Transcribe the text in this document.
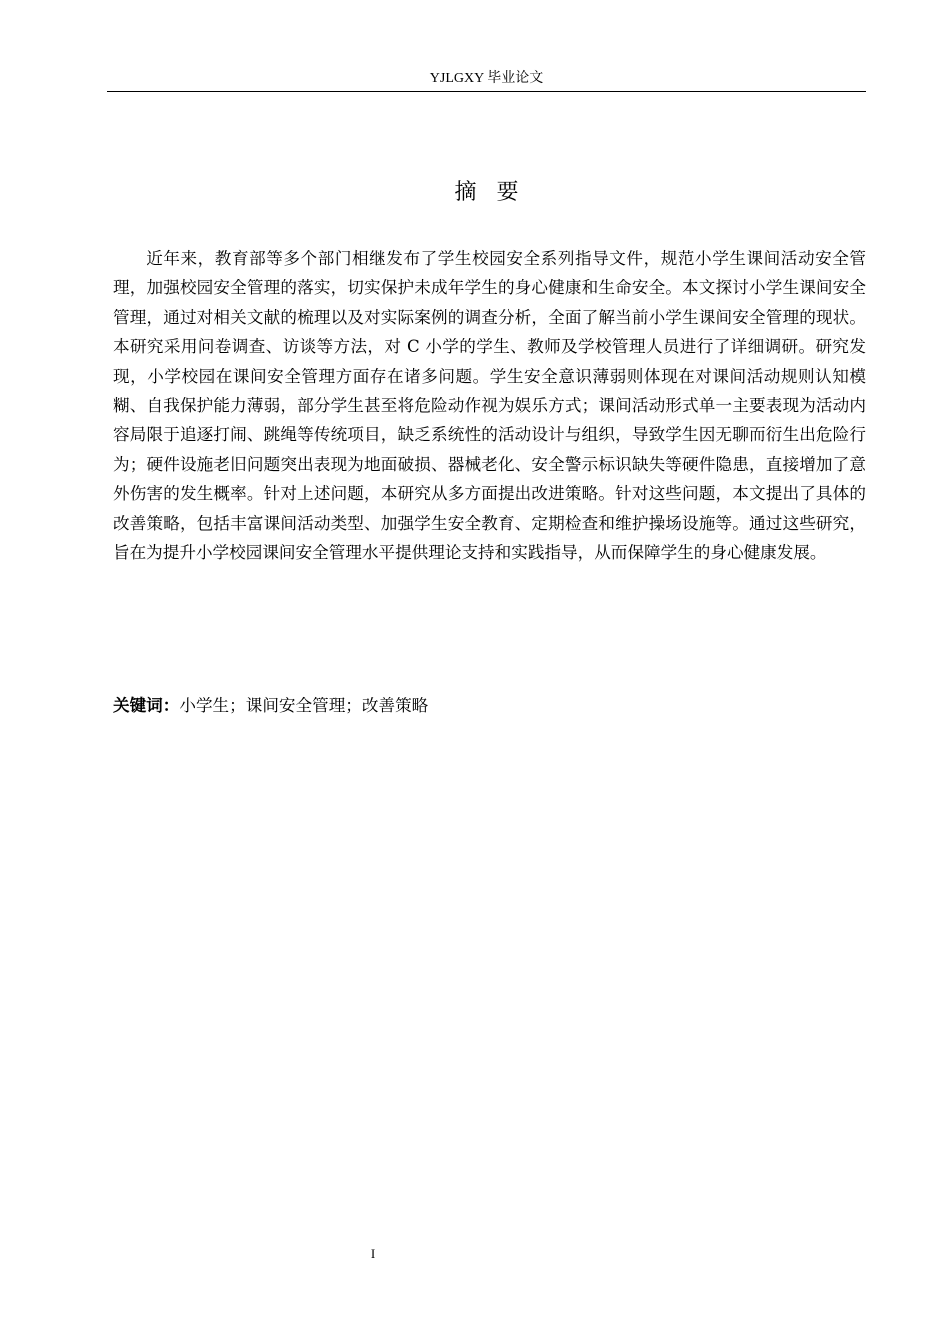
YJLGXY 毕业论文
摘要

近年来，教育部等多个部门相继发布了学生校园安全系列指导文件，规范小学生课间活动安全管理，加强校园安全管理的落实，切实保护未成年学生的身心健康和生命安全。本文探讨小学生课间安全管理，通过对相关文献的梳理以及对实际案例的调查分析，全面了解当前小学生课间安全管理的现状。本研究采用问卷调查、访谈等方法，对 C 小学的学生、教师及学校管理人员进行了详细调研。研究发现，小学校园在课间安全管理方面存在诸多问题。学生安全意识薄弱则体现在对课间活动规则认知模糊、自我保护能力薄弱，部分学生甚至将危险动作视为娱乐方式；课间活动形式单一主要表现为活动内容局限于追逐打闹、跳绳等传统项目，缺乏系统性的活动设计与组织，导致学生因无聊而衍生出危险行为；硬件设施老旧问题突出表现为地面破损、器械老化、安全警示标识缺失等硬件隐患，直接增加了意外伤害的发生概率。针对上述问题，本研究从多方面提出改进策略。针对这些问题，本文提出了具体的改善策略，包括丰富课间活动类型、加强学生安全教育、定期检查和维护操场设施等。通过这些研究，旨在为提升小学校园课间安全管理水平提供理论支持和实践指导，从而保障学生的身心健康发展。

关键词：小学生；课间安全管理；改善策略
I
